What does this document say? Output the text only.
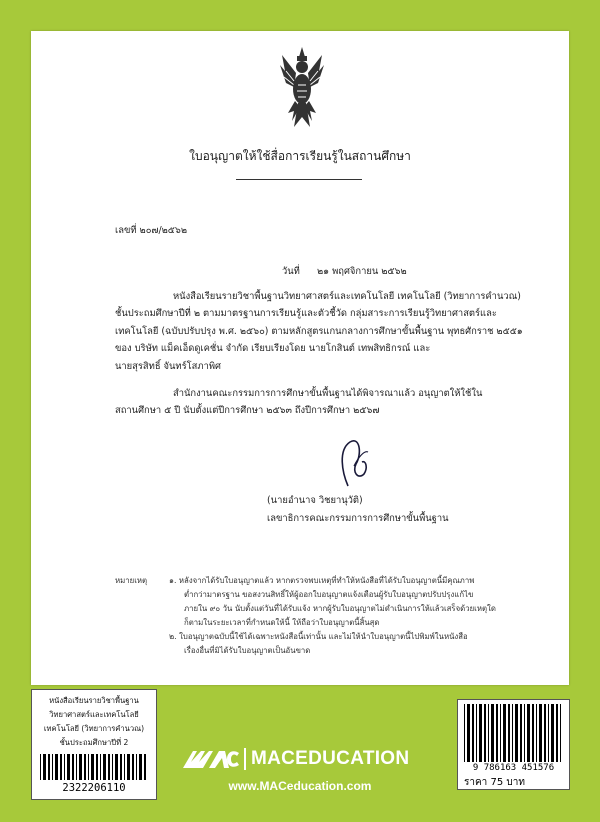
ใบอนุญาตให้ใช้สื่อการเรียนรู้ในสถานศึกษา
เลขที่ ๒๐๗/๒๕๖๒
วันที่ ๒๑ พฤศจิกายน ๒๕๖๒
หนังสือเรียนรายวิชาพื้นฐานวิทยาศาสตร์และเทคโนโลยี เทคโนโลยี (วิทยาการคำนวณ)
ชั้นประถมศึกษาปีที่ ๒ ตามมาตรฐานการเรียนรู้และตัวชี้วัด กลุ่มสาระการเรียนรู้วิทยาศาสตร์และ
เทคโนโลยี (ฉบับปรับปรุง พ.ศ. ๒๕๖๐) ตามหลักสูตรแกนกลางการศึกษาขั้นพื้นฐาน พุทธศักราช ๒๕๕๑
ของ บริษัท แม็คเอ็ดดูเคชั่น จำกัด เรียบเรียงโดย นายโกสินต์ เทพสิทธิกรณ์ และ
นายสุรสิทธิ์ จันทร์โสภาพิศ
สำนักงานคณะกรรมการการศึกษาขั้นพื้นฐานได้พิจารณาแล้ว อนุญาตให้ใช้ใน
สถานศึกษา ๕ ปี นับตั้งแต่ปีการศึกษา ๒๕๖๓ ถึงปีการศึกษา ๒๕๖๗
(นายอำนาจ วิชยานุวัติ)
เลขาธิการคณะกรรมการการศึกษาขั้นพื้นฐาน
หมายเหตุ	๑. หลังจากได้รับใบอนุญาตแล้ว หากตรวจพบเหตุที่ทำให้หนังสือที่ได้รับใบอนุญาตนี้มีคุณภาพ
ต่ำกว่ามาตรฐาน ขอสงวนสิทธิ์ให้ผู้ออกใบอนุญาตแจ้งเตือนผู้รับใบอนุญาตปรับปรุงแก้ไข
ภายใน ๙๐ วัน นับตั้งแต่วันที่ได้รับแจ้ง หากผู้รับใบอนุญาตไม่ดำเนินการให้แล้วเสร็จด้วยเหตุใด
ก็ตามในระยะเวลาที่กำหนดให้นี้ ให้ถือว่าใบอนุญาตนี้สิ้นสุด
๒. ใบอนุญาตฉบับนี้ใช้ได้เฉพาะหนังสือนี้เท่านั้น และไม่ให้นำใบอนุญาตนี้ไปพิมพ์ในหนังสือ
เรื่องอื่นที่มิได้รับใบอนุญาตเป็นอันขาด
หนังสือเรียนรายวิชาพื้นฐาน
วิทยาศาสตร์และเทคโนโลยี
เทคโนโลยี (วิทยาการคำนวณ)
ชั้นประถมศึกษาปีที่ 2
2322206110
MACEDUCATION
www.MACeducation.com
9 786163 451576
ราคา 75 บาท
